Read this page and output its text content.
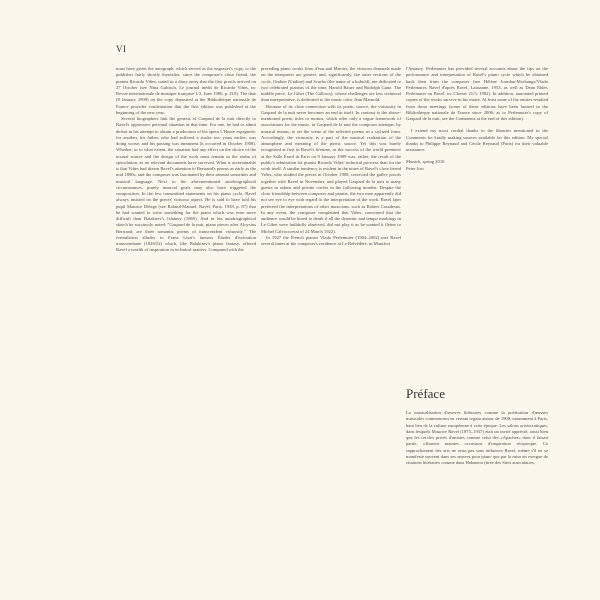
VI

must have given the autograph, which served as the engraver's copy, to the publisher fairly shortly thereafter, since the composer's close friend, the pianist Ricardo Viñes, noted in a diary entry that the first proofs arrived on 27 October (see Nina Gubisch, Le journal inédit de Ricardo Viñes, in: Revue internationale de musique française 1/2, June 1980, p. 210). The date (8 January 1909) on the copy deposited at the Bibliothèque nationale de France provides confirmation that the first edition was published at the beginning of the new year.

Several biographers link the genesis of Gaspard de la nuit directly to Ravel's oppressive personal situation at that time. For one, he had to admit defeat in his attempt to obtain a production of his opera L'Heure espagnole; for another, his father, who had suffered a stroke two years earlier, was doing worse, and his passing was imminent (it occurred in October 1908). Whether, or to what extent, the situation had any effect on the choice of the textual source and the design of the work must remain in the realm of speculation, as no relevant documents have survived. What is ascertainable is that Viñes had drawn Ravel's attention to Bertrand's poems as early as the mid 1890s, and the composer was fascinated by their sensual sonorities and musical language. Next to the aforementioned autobiographical circumstances, purely musical goals may also have triggered the composition. In the few transmitted statements on his piano cycle, Ravel always insisted on the pieces' virtuoso aspect. He is said to have told his pupil Maurice Delage (see Roland-Manuel, Ravel, Paris, 1938, p. 87) that he had wanted to write something for the piano which was even more difficult than Balakirev's Islamey (1869). And in his autobiographical sketch he succinctly noted: "Gaspard de la nuit, piano pieces after Aloysius Bertrand, are three romantic poems of transcendent virtuosity." The formulation alludes to Franz Liszt's famous Études d'exécution transcendante (1826/52) which, like Balakirev's piano fantasy, offered Ravel a wealth of inspiration in technical matters. Compared with the

preceding piano works Jeux d'eau and Miroirs, the virtuoso demands made on the interpreter are greater, and, significantly, the outer sections of the cycle, Ondine (Undine) and Scarbo (the name of a kobold), are dedicated to two celebrated pianists of the time, Harold Bauer and Rudolph Ganz. The middle piece, Le Gibet (The Gallows), whose challenges are less technical than interpretative, is dedicated to the music critic Jean Marnold.

Because of its close connection with its poetic source, the virtuosity in Gaspard de la nuit never becomes an end in itself. In contrast to the above-mentioned poetic titles or mottos, which offer only a vague framework of associations for the music, in Gaspard de la nuit the composer attempts, by musical means, to set the scene of the selected poems in a stylized form. Accordingly, the virtuosity is a part of the musical realization of the atmosphere and meaning of the poetic source. Yet this was barely recognised at first in Ravel's lifetime, as the success of the world premiere at the Salle Érard in Paris on 9 January 1909 was, rather, the result of the public's admiration for pianist Ricardo Viñes' technical prowess than for the work itself. A similar tendency is evident in the notes of Ravel's close friend Viñes, who studied the pieces in October 1908, corrected the galley proofs together with Ravel in November, and played Gaspard de la nuit to many guests in salons and private circles in the following months. Despite the close friendship between composer and pianist, the two men apparently did not see eye to eye with regard to the interpretation of the work. Ravel later preferred the interpretations of other musicians, such as Robert Casadesus. In any event, the composer complained that Viñes, concerned that the audience would be bored to death if all the dynamic and tempo markings in Le Gibet were faithfully observed, did not play it as he wanted it (letter to Michel Calvocoressi of 24 March 1922).

In 1927 the French pianist Vlado Perlemuter (1904–2002) met Ravel several times at the composer's residence at Le Belvédère, in Montfort

l'Amaury. Perlemuter has provided several accounts about the tips on the performance and interpretation of Ravel's piano cycle which he obtained back then from the composer (see Hélène Jourdan-Morhange/Vlado Perlemuter, Ravel d'après Ravel, Lausanne, 1953, as well as Dean Elder, Perlemuter on Ravel, in: Clavier 21/3, 1982). In addition, annotated printed copies of the works survive in his estate. At least some of the entries resulted from those meetings (some of these editions have been housed in the Bibliothèque nationale de France since 2006; as to Perlemuter's copy of Gaspard de la nuit, see the Comments at the end of this edition).

I extend my most cordial thanks to the libraries mentioned in the Comments for kindly making sources available for this edition. My special thanks to Philippe Reynaud and Cécile Reynaud (Paris) for their valuable assistance.

Munich, spring 2010
Peter Jost

Préface

La musicalisation d'œuvres littéraires comme la poétisation d'œuvres musicales commencent en certain regain autour de 1900, notamment à Paris, haut lieu de la culture européenne à cette époque. Les salons aristocratiques, dans lesquels Maurice Ravel (1875–1937) était un invité apprécié, aussi bien que les cercles privés d'artistes comme celui des «Apaches» dont il faisait partie, offraient maintes occasions d'inspiration réciproque. Ce rapprochement des arts ne resta pas sans influence Ravel, même s'il ne se manifeste souvent dans ses œuvres pour piano que par la mise en exergue de citations littéraires comme dans Habanera (tirée des Sites auriculaires,
